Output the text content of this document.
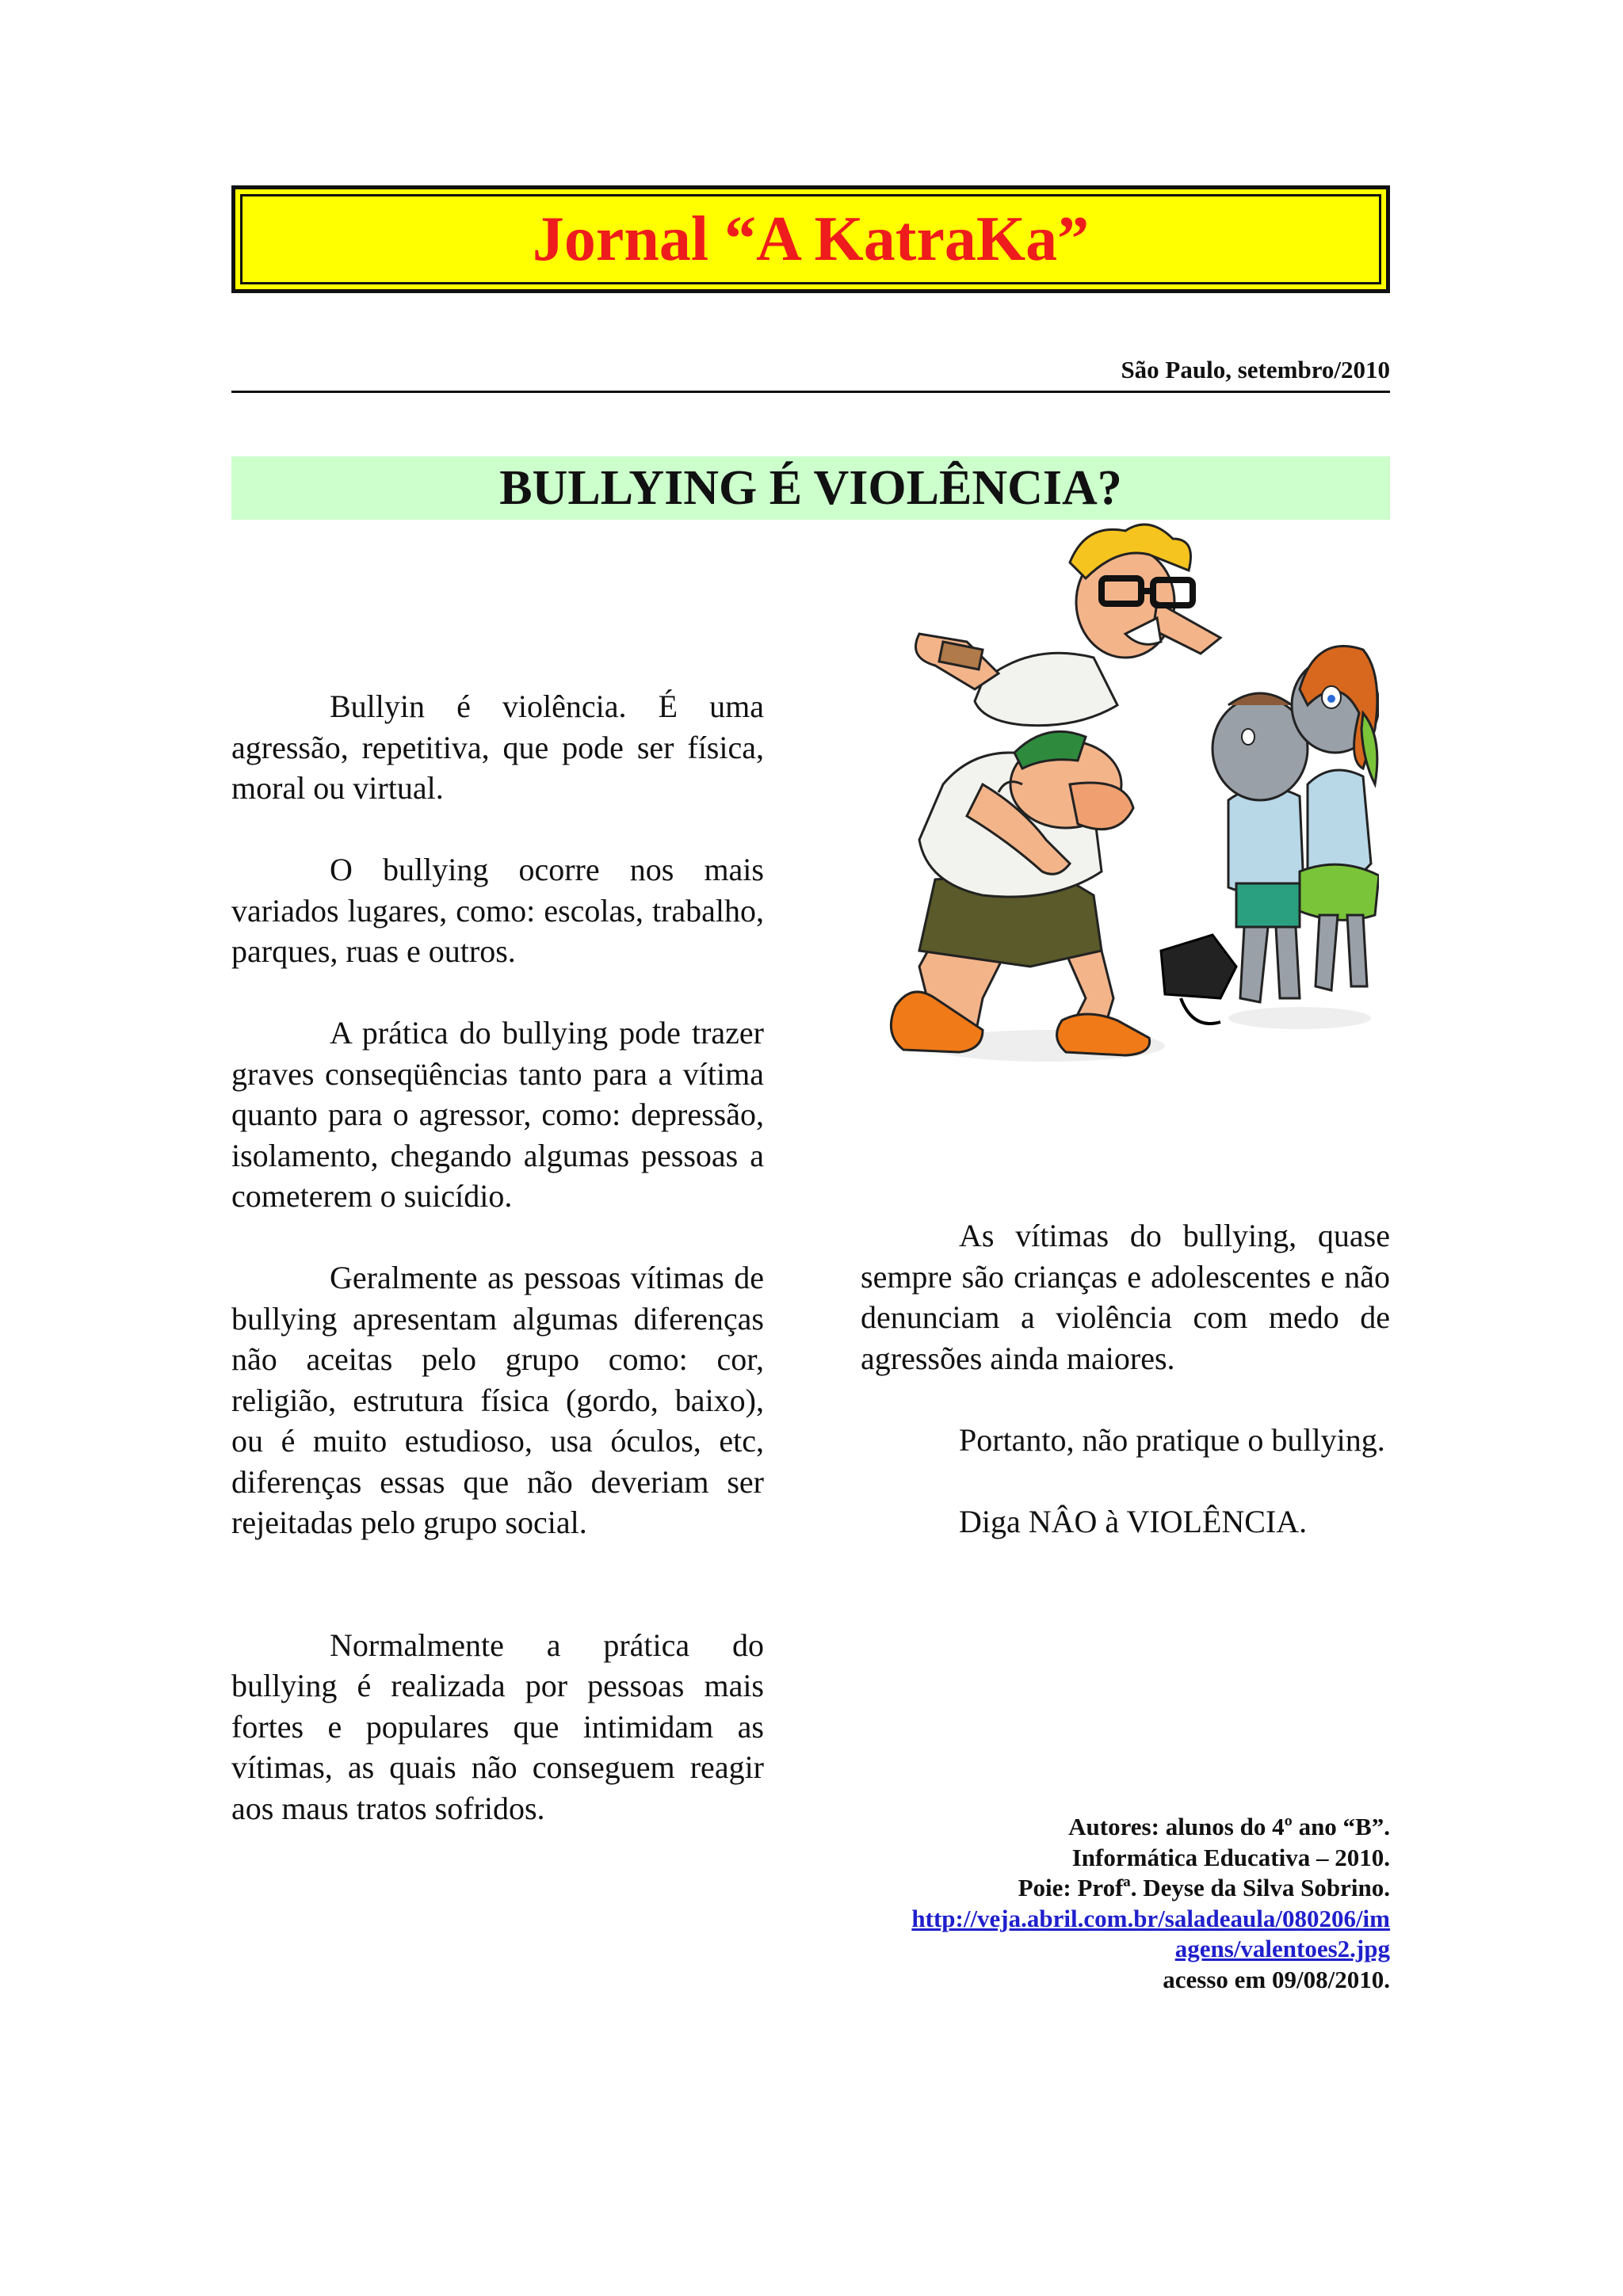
Jornal “A KatraKa”
São Paulo, setembro/2010
BULLYING É VIOLÊNCIA?

Bullyin é violência. É uma agressão, repetitiva, que pode ser física, moral ou virtual.

O bullying ocorre nos mais variados lugares, como: escolas, trabalho, parques, ruas e outros.

A prática do bullying pode trazer graves conseqüências tanto para a vítima quanto para o agressor, como: depressão, isolamento, chegando algumas pessoas a cometerem o suicídio.

Geralmente as pessoas vítimas de bullying apresentam algumas diferenças não aceitas pelo grupo como: cor, religião, estrutura física (gordo, baixo), ou é muito estudioso, usa óculos, etc, diferenças essas que não deveriam ser rejeitadas pelo grupo social.

Normalmente a prática do bullying é realizada por pessoas mais fortes e populares que intimidam as vítimas, as quais não conseguem reagir aos maus tratos sofridos.

As vítimas do bullying, quase sempre são crianças e adolescentes e não denunciam a violência com medo de agressões ainda maiores.

Portanto, não pratique o bullying.

Diga NÂO à VIOLÊNCIA.

Autores: alunos do 4º ano “B”.
Informática Educativa – 2010.
Poie: Profª. Deyse da Silva Sobrino.
http://veja.abril.com.br/saladeaula/080206/im
agens/valentoes2.jpg
acesso em 09/08/2010.
